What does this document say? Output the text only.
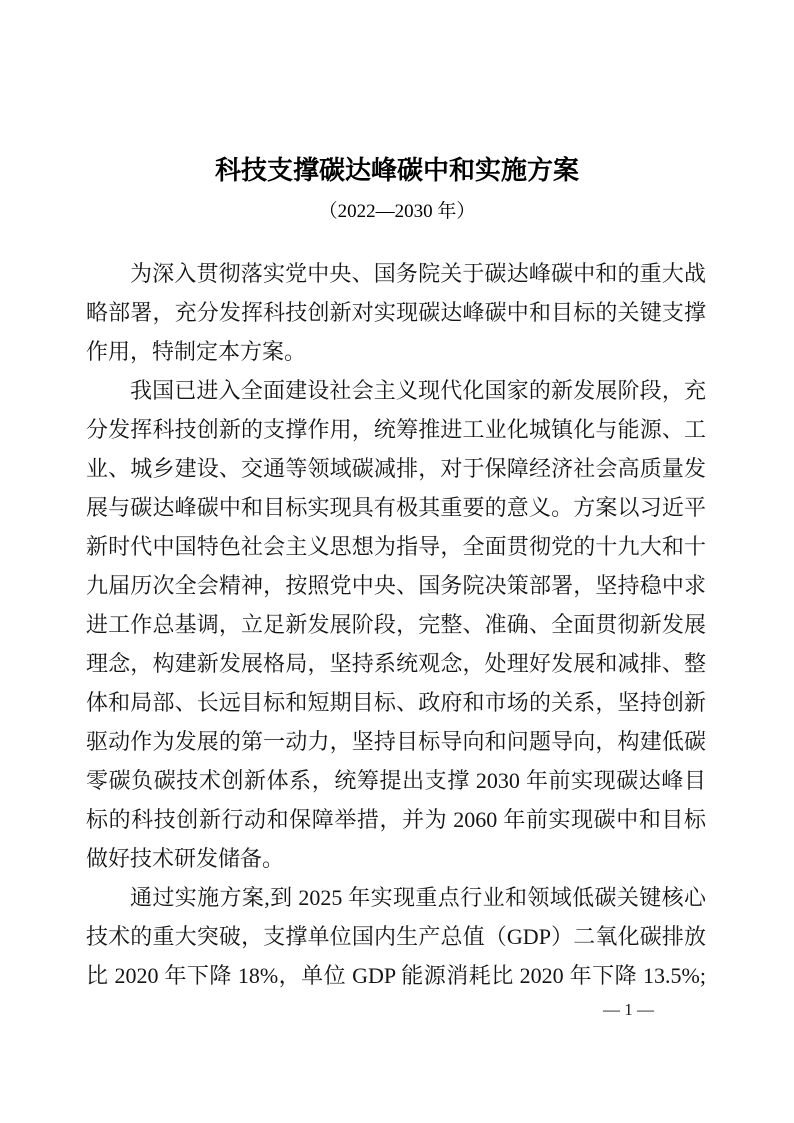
科技支撑碳达峰碳中和实施方案
（2022—2030 年）
为深入贯彻落实党中央、国务院关于碳达峰碳中和的重大战
略部署，充分发挥科技创新对实现碳达峰碳中和目标的关键支撑
作用，特制定本方案。
我国已进入全面建设社会主义现代化国家的新发展阶段，充
分发挥科技创新的支撑作用，统筹推进工业化城镇化与能源、工
业、城乡建设、交通等领域碳减排，对于保障经济社会高质量发
展与碳达峰碳中和目标实现具有极其重要的意义。方案以习近平
新时代中国特色社会主义思想为指导，全面贯彻党的十九大和十
九届历次全会精神，按照党中央、国务院决策部署，坚持稳中求
进工作总基调，立足新发展阶段，完整、准确、全面贯彻新发展
理念，构建新发展格局，坚持系统观念，处理好发展和减排、整
体和局部、长远目标和短期目标、政府和市场的关系，坚持创新
驱动作为发展的第一动力，坚持目标导向和问题导向，构建低碳
零碳负碳技术创新体系，统筹提出支撑 2030 年前实现碳达峰目
标的科技创新行动和保障举措，并为 2060 年前实现碳中和目标
做好技术研发储备。
通过实施方案,到 2025 年实现重点行业和领域低碳关键核心
技术的重大突破，支撑单位国内生产总值（GDP）二氧化碳排放
比 2020 年下降 18%，单位 GDP 能源消耗比 2020 年下降 13.5%;
— 1 —
